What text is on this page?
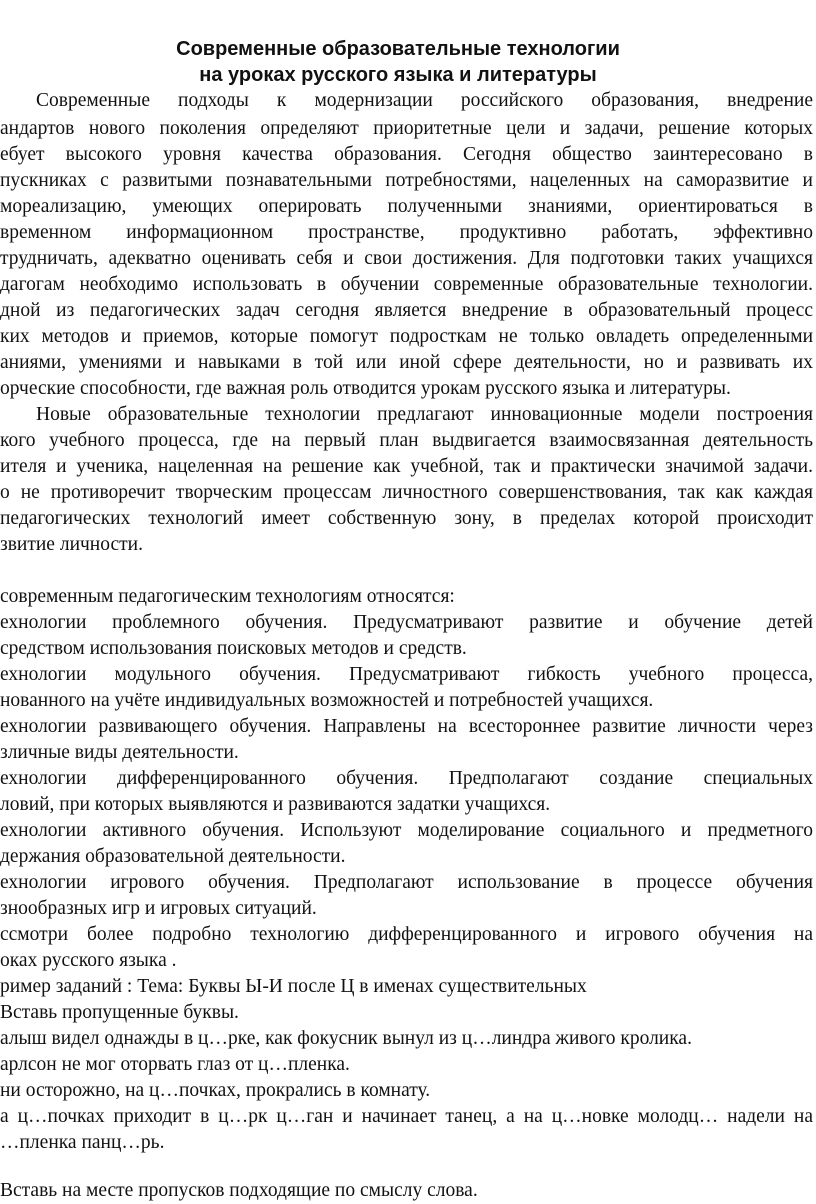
Современные образовательные технологии
на уроках русского языка и литературы
Современные подходы к модернизации российского образования, внедрение
андартов нового поколения определяют приоритетные цели и задачи, решение которых
ебует высокого уровня качества образования. Сегодня общество заинтересовано в
пускниках с развитыми познавательными потребностями, нацеленных на саморазвитие и
мореализацию, умеющих оперировать полученными знаниями, ориентироваться в
временном информационном пространстве, продуктивно работать, эффективно
трудничать, адекватно оценивать себя и свои достижения. Для подготовки таких учащихся
дагогам необходимо использовать в обучении современные образовательные технологии.
дной из педагогических задач сегодня является внедрение в образовательный процесс
ких методов и приемов, которые помогут подросткам не только овладеть определенными
аниями, умениями и навыками в той или иной сфере деятельности, но и развивать их
орческие способности, где важная роль отводится урокам русского языка и литературы.
Новые образовательные технологии предлагают инновационные модели построения
кого учебного процесса, где на первый план выдвигается взаимосвязанная деятельность
ителя и ученика, нацеленная на решение как учебной, так и практически значимой задачи.
о не противоречит творческим процессам личностного совершенствования, так как каждая
педагогических технологий имеет собственную зону, в пределах которой происходит
звитие личности.
современным педагогическим технологиям относятся:
ехнологии проблемного обучения. Предусматривают развитие и обучение детей
средством использования поисковых методов и средств.
ехнологии модульного обучения. Предусматривают гибкость учебного процесса,
нованного на учёте индивидуальных возможностей и потребностей учащихся.
ехнологии развивающего обучения. Направлены на всестороннее развитие личности через
зличные виды деятельности.
ехнологии дифференцированного обучения. Предполагают создание специальных
ловий, при которых выявляются и развиваются задатки учащихся.
ехнологии активного обучения. Используют моделирование социального и предметного
держания образовательной деятельности.
ехнологии игрового обучения. Предполагают использование в процессе обучения
знообразных игр и игровых ситуаций.
ссмотри более подробно технологию дифференцированного и игрового обучения на
оках русского языка .
ример заданий : Тема: Буквы Ы-И после Ц в именах существительных
Вставь пропущенные буквы.
алыш видел однажды в ц…рке, как фокусник вынул из ц…линдра живого кролика.
арлсон не мог оторвать глаз от ц…пленка.
ни осторожно, на ц…почках, прокрались в комнату.
а ц…почках приходит в ц…рк ц…ган и начинает танец, а на ц…новке молодц… надели на
…пленка панц…рь.
Вставь на месте пропусков подходящие по смыслу слова.
